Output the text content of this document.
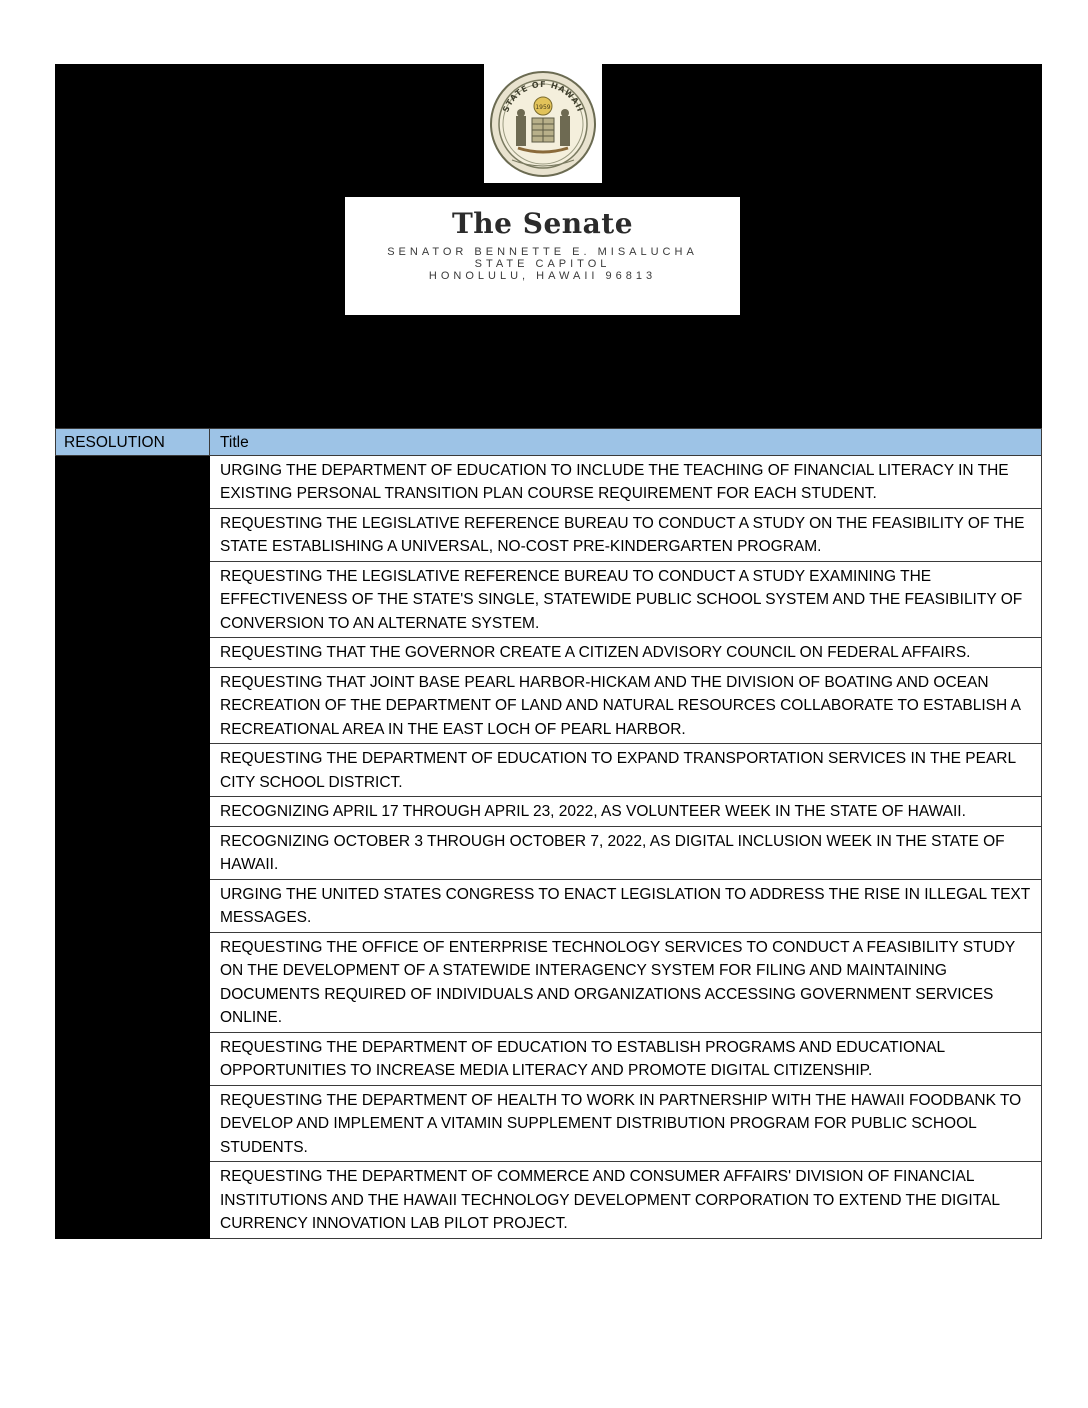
STATE OF HAWAII
1959
The Senate
SENATOR BENNETTE E. MISALUCHA
STATE CAPITOL
HONOLULU, HAWAII 96813
RESOLUTION	Title
	URGING THE DEPARTMENT OF EDUCATION TO INCLUDE THE TEACHING OF FINANCIAL LITERACY IN THE EXISTING PERSONAL TRANSITION PLAN COURSE REQUIREMENT FOR EACH STUDENT.
	REQUESTING THE LEGISLATIVE REFERENCE BUREAU TO CONDUCT A STUDY ON THE FEASIBILITY OF THE STATE ESTABLISHING A UNIVERSAL, NO-COST PRE-KINDERGARTEN PROGRAM.
	REQUESTING THE LEGISLATIVE REFERENCE BUREAU TO CONDUCT A STUDY EXAMINING THE EFFECTIVENESS OF THE STATE'S SINGLE, STATEWIDE PUBLIC SCHOOL SYSTEM AND THE FEASIBILITY OF CONVERSION TO AN ALTERNATE SYSTEM.
	REQUESTING THAT THE GOVERNOR CREATE A CITIZEN ADVISORY COUNCIL ON FEDERAL AFFAIRS.
	REQUESTING THAT JOINT BASE PEARL HARBOR-HICKAM AND THE DIVISION OF BOATING AND OCEAN RECREATION OF THE DEPARTMENT OF LAND AND NATURAL RESOURCES COLLABORATE TO ESTABLISH A RECREATIONAL AREA IN THE EAST LOCH OF PEARL HARBOR.
	REQUESTING THE DEPARTMENT OF EDUCATION TO EXPAND TRANSPORTATION SERVICES IN THE PEARL CITY SCHOOL DISTRICT.
	RECOGNIZING APRIL 17 THROUGH APRIL 23, 2022, AS VOLUNTEER WEEK IN THE STATE OF HAWAII.
	RECOGNIZING OCTOBER 3 THROUGH OCTOBER 7, 2022, AS DIGITAL INCLUSION WEEK IN THE STATE OF HAWAII.
	URGING THE UNITED STATES CONGRESS TO ENACT LEGISLATION TO ADDRESS THE RISE IN ILLEGAL TEXT MESSAGES.
	REQUESTING THE OFFICE OF ENTERPRISE TECHNOLOGY SERVICES TO CONDUCT A FEASIBILITY STUDY ON THE DEVELOPMENT OF A STATEWIDE INTERAGENCY SYSTEM FOR FILING AND MAINTAINING DOCUMENTS REQUIRED OF INDIVIDUALS AND ORGANIZATIONS ACCESSING GOVERNMENT SERVICES ONLINE.
	REQUESTING THE DEPARTMENT OF EDUCATION TO ESTABLISH PROGRAMS AND EDUCATIONAL OPPORTUNITIES TO INCREASE MEDIA LITERACY AND PROMOTE DIGITAL CITIZENSHIP.
	REQUESTING THE DEPARTMENT OF HEALTH TO WORK IN PARTNERSHIP WITH THE HAWAII FOODBANK TO DEVELOP AND IMPLEMENT A VITAMIN SUPPLEMENT DISTRIBUTION PROGRAM FOR PUBLIC SCHOOL STUDENTS.
	REQUESTING THE DEPARTMENT OF COMMERCE AND CONSUMER AFFAIRS' DIVISION OF FINANCIAL INSTITUTIONS AND THE HAWAII TECHNOLOGY DEVELOPMENT CORPORATION TO EXTEND THE DIGITAL CURRENCY INNOVATION LAB PILOT PROJECT.
